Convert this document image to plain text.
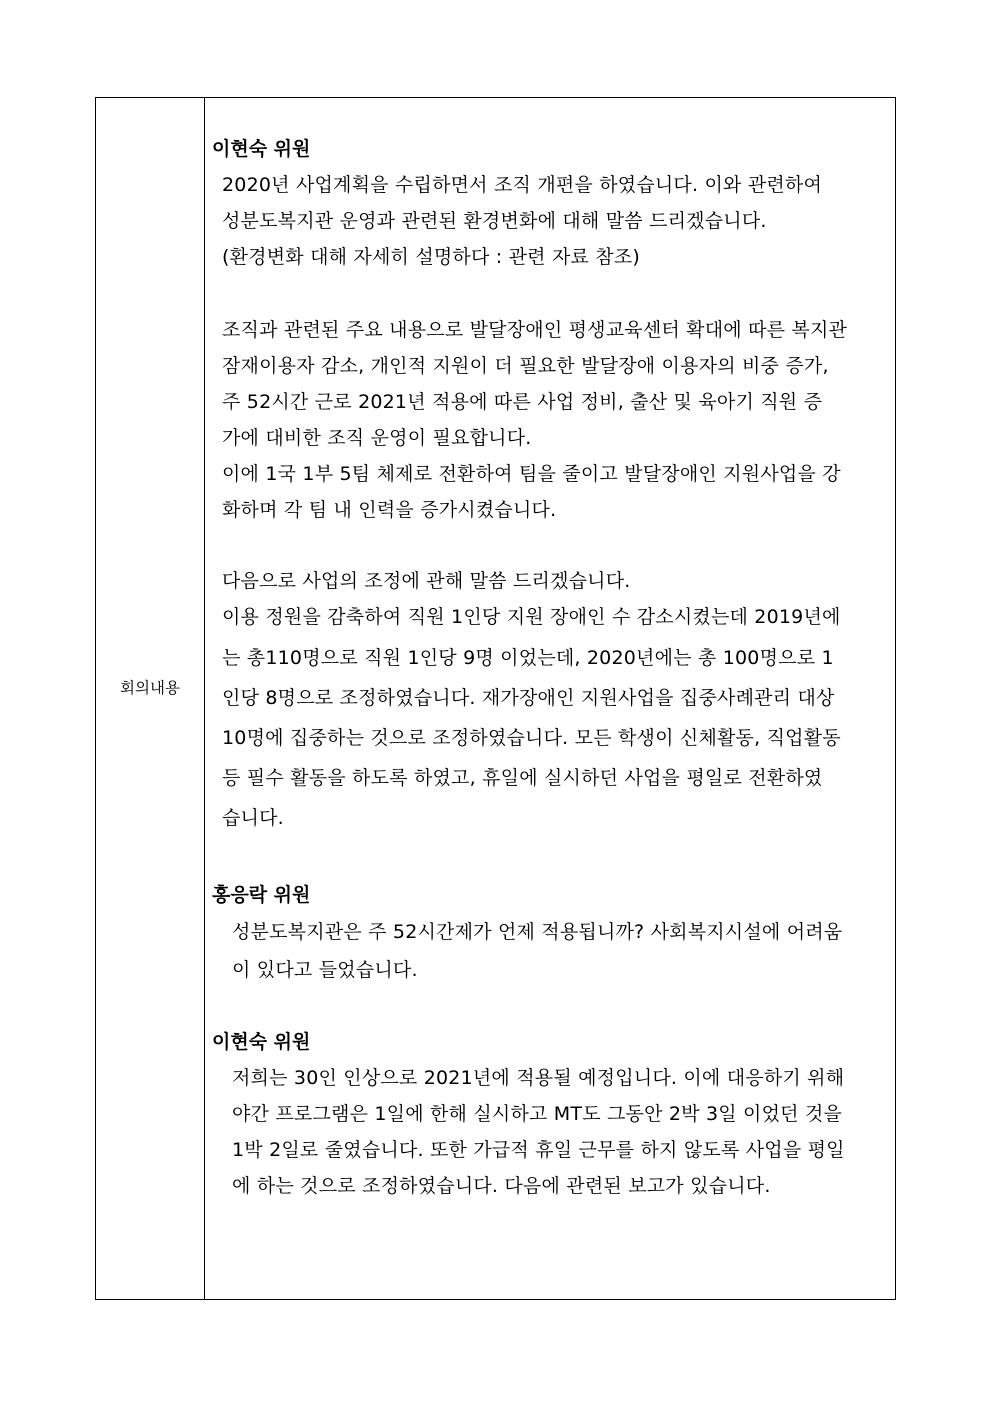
회의내용
이현숙 위원
2020년 사업계획을 수립하면서 조직 개편을 하였습니다. 이와 관련하여
성분도복지관 운영과 관련된 환경변화에 대해 말씀 드리겠습니다.
(환경변화 대해 자세히 설명하다 : 관련 자료 참조)
조직과 관련된 주요 내용으로 발달장애인 평생교육센터 확대에 따른 복지관
잠재이용자 감소, 개인적 지원이 더 필요한 발달장애 이용자의 비중 증가,
주 52시간 근로 2021년 적용에 따른 사업 정비, 출산 및 육아기 직원 증
가에 대비한 조직 운영이 필요합니다.
이에 1국 1부 5팀 체제로 전환하여 팀을 줄이고 발달장애인 지원사업을 강
화하며 각 팀 내 인력을 증가시켰습니다.
다음으로 사업의 조정에 관해 말씀 드리겠습니다.
이용 정원을 감축하여 직원 1인당 지원 장애인 수 감소시켰는데 2019년에
는 총110명으로 직원 1인당 9명 이었는데, 2020년에는 총 100명으로 1
인당 8명으로 조정하였습니다. 재가장애인 지원사업을 집중사례관리 대상
10명에 집중하는 것으로 조정하였습니다. 모든 학생이 신체활동, 직업활동
등 필수 활동을 하도록 하였고, 휴일에 실시하던 사업을 평일로 전환하였
습니다.
홍응락 위원
성분도복지관은 주 52시간제가 언제 적용됩니까? 사회복지시설에 어려움
이 있다고 들었습니다.
이현숙 위원
저희는 30인 인상으로 2021년에 적용될 예정입니다. 이에 대응하기 위해
야간 프로그램은 1일에 한해 실시하고 MT도 그동안 2박 3일 이었던 것을
1박 2일로 줄였습니다. 또한 가급적 휴일 근무를 하지 않도록 사업을 평일
에 하는 것으로 조정하였습니다. 다음에 관련된 보고가 있습니다.
